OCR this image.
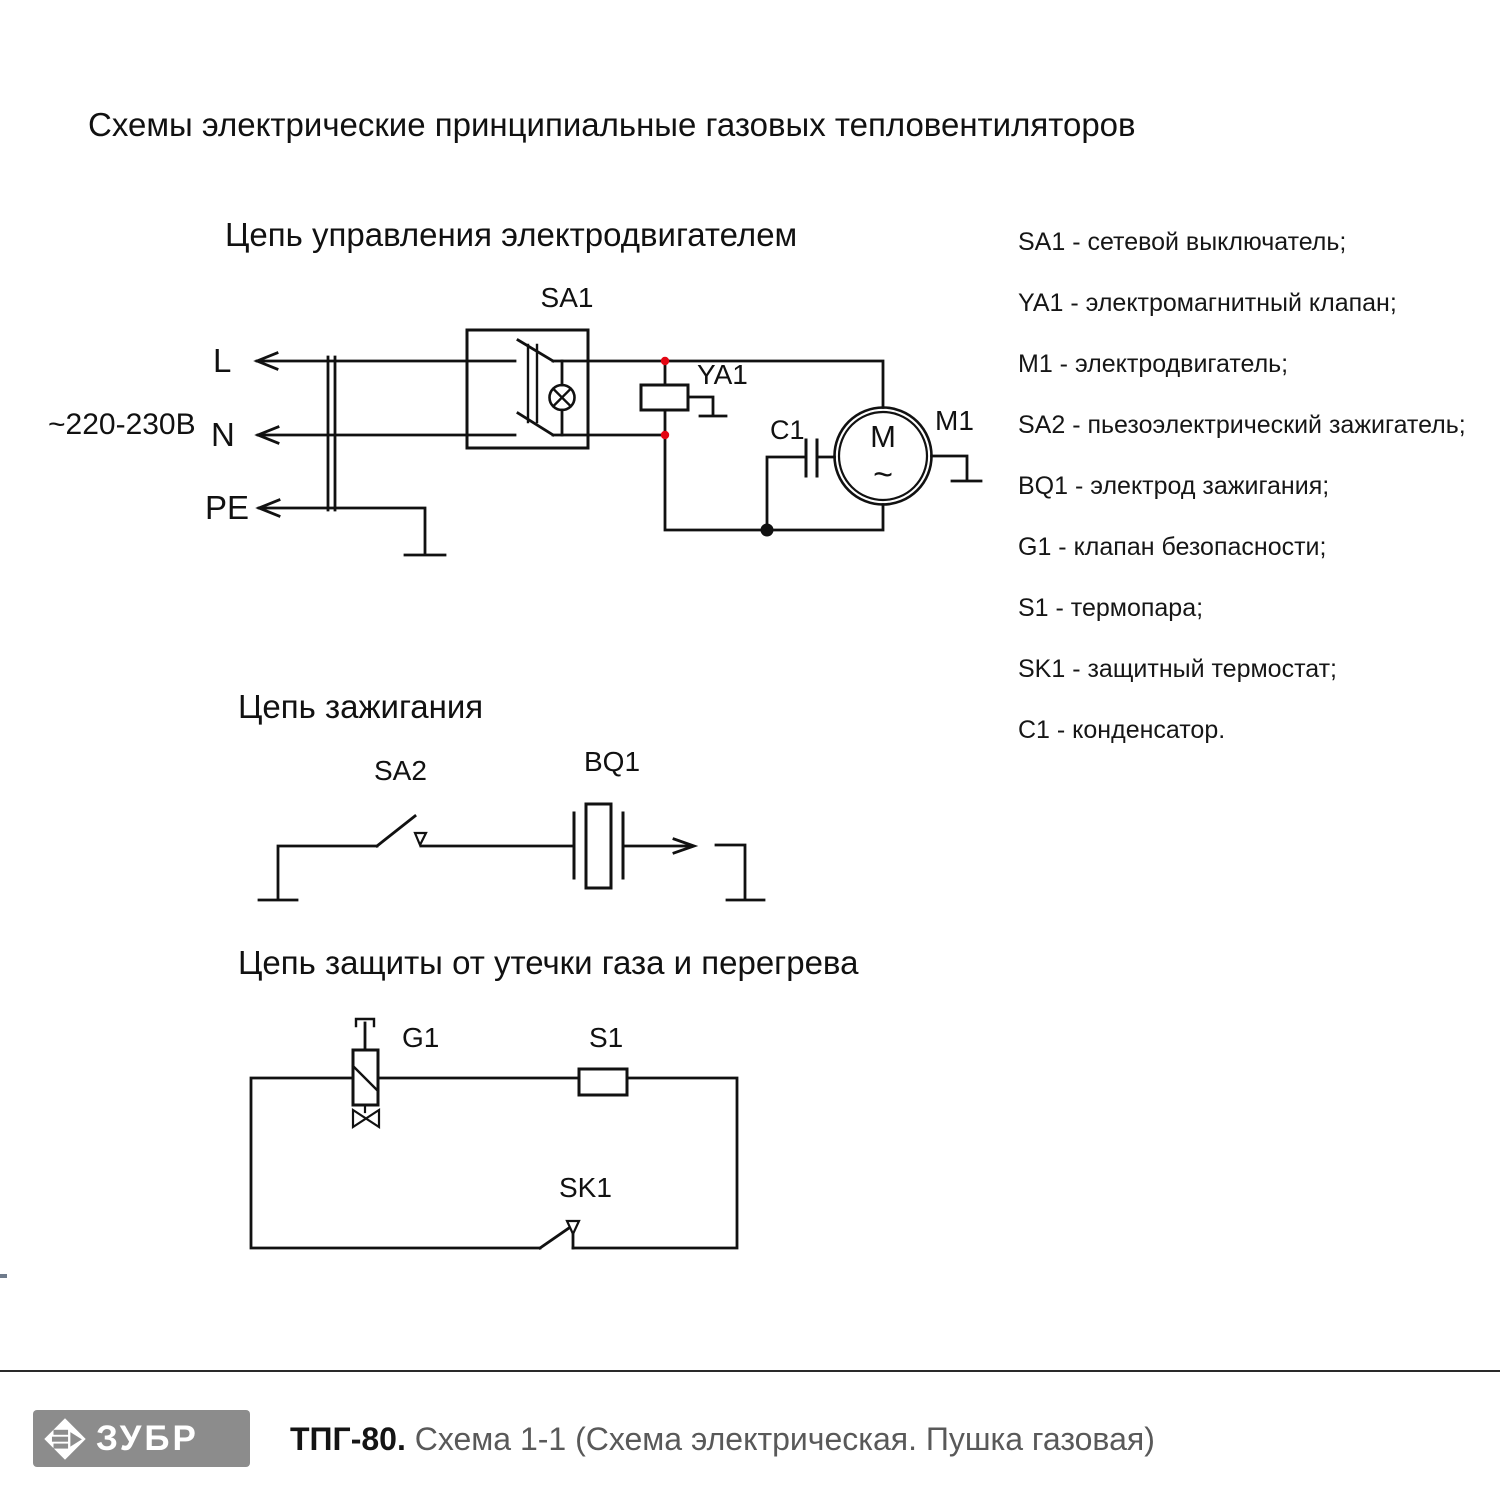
Схемы электрические принципиальные газовых тепловентиляторов
Цепь управления электродвигателем
~220-230В
L
N
PE
SA1
YA1
C1	M1
М
~
Цепь зажигания
SA2	BQ1
Цепь защиты от утечки газа и перегрева
G1	S1
SK1
SA1 - сетевой выключатель;
YA1 - электромагнитный клапан;
M1 - электродвигатель;
SA2 - пьезоэлектрический зажигатель;
BQ1 - электрод зажигания;
G1 - клапан безопасности;
S1 - термопара;
SK1 - защитный термостат;
C1 - конденсатор.
ЗУБР	ТПГ-80. Схема 1-1 (Схема электрическая. Пушка газовая)
